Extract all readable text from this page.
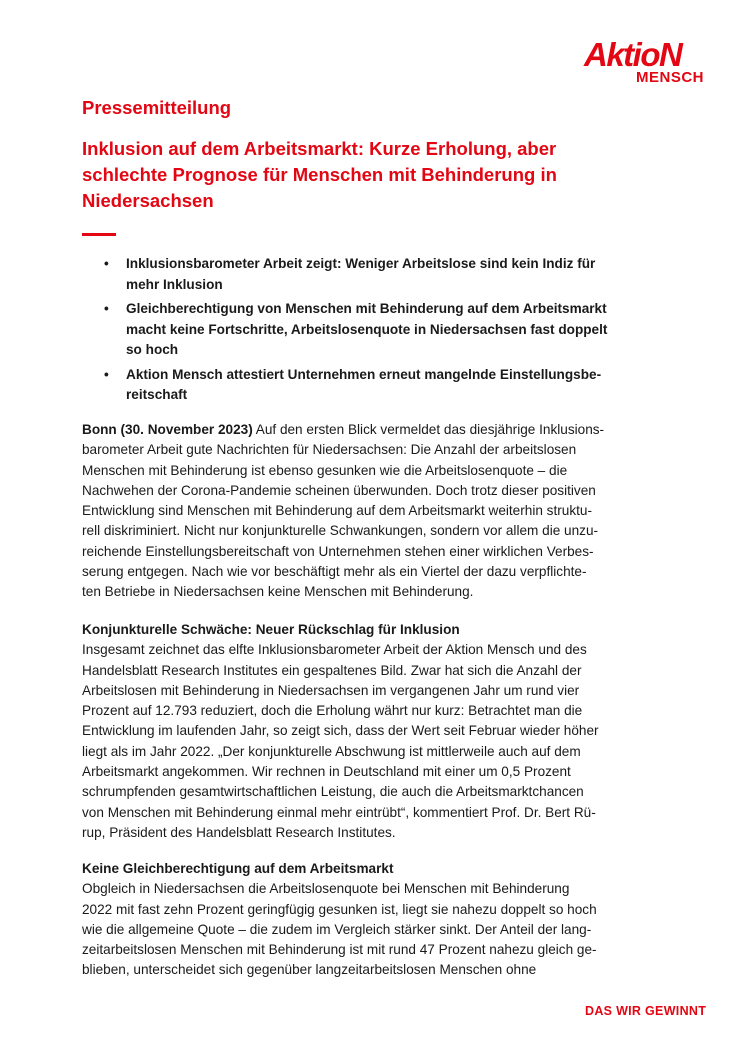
AktioN
MENSCH
Pressemitteilung
Inklusion auf dem Arbeitsmarkt: Kurze Erholung, aber
schlechte Prognose für Menschen mit Behinderung in
Niedersachsen
• Inklusionsbarometer Arbeit zeigt: Weniger Arbeitslose sind kein Indiz für
mehr Inklusion
• Gleichberechtigung von Menschen mit Behinderung auf dem Arbeitsmarkt
macht keine Fortschritte, Arbeitslosenquote in Niedersachsen fast doppelt
so hoch
• Aktion Mensch attestiert Unternehmen erneut mangelnde Einstellungsbe-
reitschaft
Bonn (30. November 2023) Auf den ersten Blick vermeldet das diesjährige Inklusions-
barometer Arbeit gute Nachrichten für Niedersachsen: Die Anzahl der arbeitslosen
Menschen mit Behinderung ist ebenso gesunken wie die Arbeitslosenquote – die
Nachwehen der Corona-Pandemie scheinen überwunden. Doch trotz dieser positiven
Entwicklung sind Menschen mit Behinderung auf dem Arbeitsmarkt weiterhin struktu-
rell diskriminiert. Nicht nur konjunkturelle Schwankungen, sondern vor allem die unzu-
reichende Einstellungsbereitschaft von Unternehmen stehen einer wirklichen Verbes-
serung entgegen. Nach wie vor beschäftigt mehr als ein Viertel der dazu verpflichte-
ten Betriebe in Niedersachsen keine Menschen mit Behinderung.
Konjunkturelle Schwäche: Neuer Rückschlag für Inklusion
Insgesamt zeichnet das elfte Inklusionsbarometer Arbeit der Aktion Mensch und des
Handelsblatt Research Institutes ein gespaltenes Bild. Zwar hat sich die Anzahl der
Arbeitslosen mit Behinderung in Niedersachsen im vergangenen Jahr um rund vier
Prozent auf 12.793 reduziert, doch die Erholung währt nur kurz: Betrachtet man die
Entwicklung im laufenden Jahr, so zeigt sich, dass der Wert seit Februar wieder höher
liegt als im Jahr 2022. „Der konjunkturelle Abschwung ist mittlerweile auch auf dem
Arbeitsmarkt angekommen. Wir rechnen in Deutschland mit einer um 0,5 Prozent
schrumpfenden gesamtwirtschaftlichen Leistung, die auch die Arbeitsmarktchancen
von Menschen mit Behinderung einmal mehr eintrübt“, kommentiert Prof. Dr. Bert Rü-
rup, Präsident des Handelsblatt Research Institutes.
Keine Gleichberechtigung auf dem Arbeitsmarkt
Obgleich in Niedersachsen die Arbeitslosenquote bei Menschen mit Behinderung
2022 mit fast zehn Prozent geringfügig gesunken ist, liegt sie nahezu doppelt so hoch
wie die allgemeine Quote – die zudem im Vergleich stärker sinkt. Der Anteil der lang-
zeitarbeitslosen Menschen mit Behinderung ist mit rund 47 Prozent nahezu gleich ge-
blieben, unterscheidet sich gegenüber langzeitarbeitslosen Menschen ohne
DAS WIR GEWINNT
